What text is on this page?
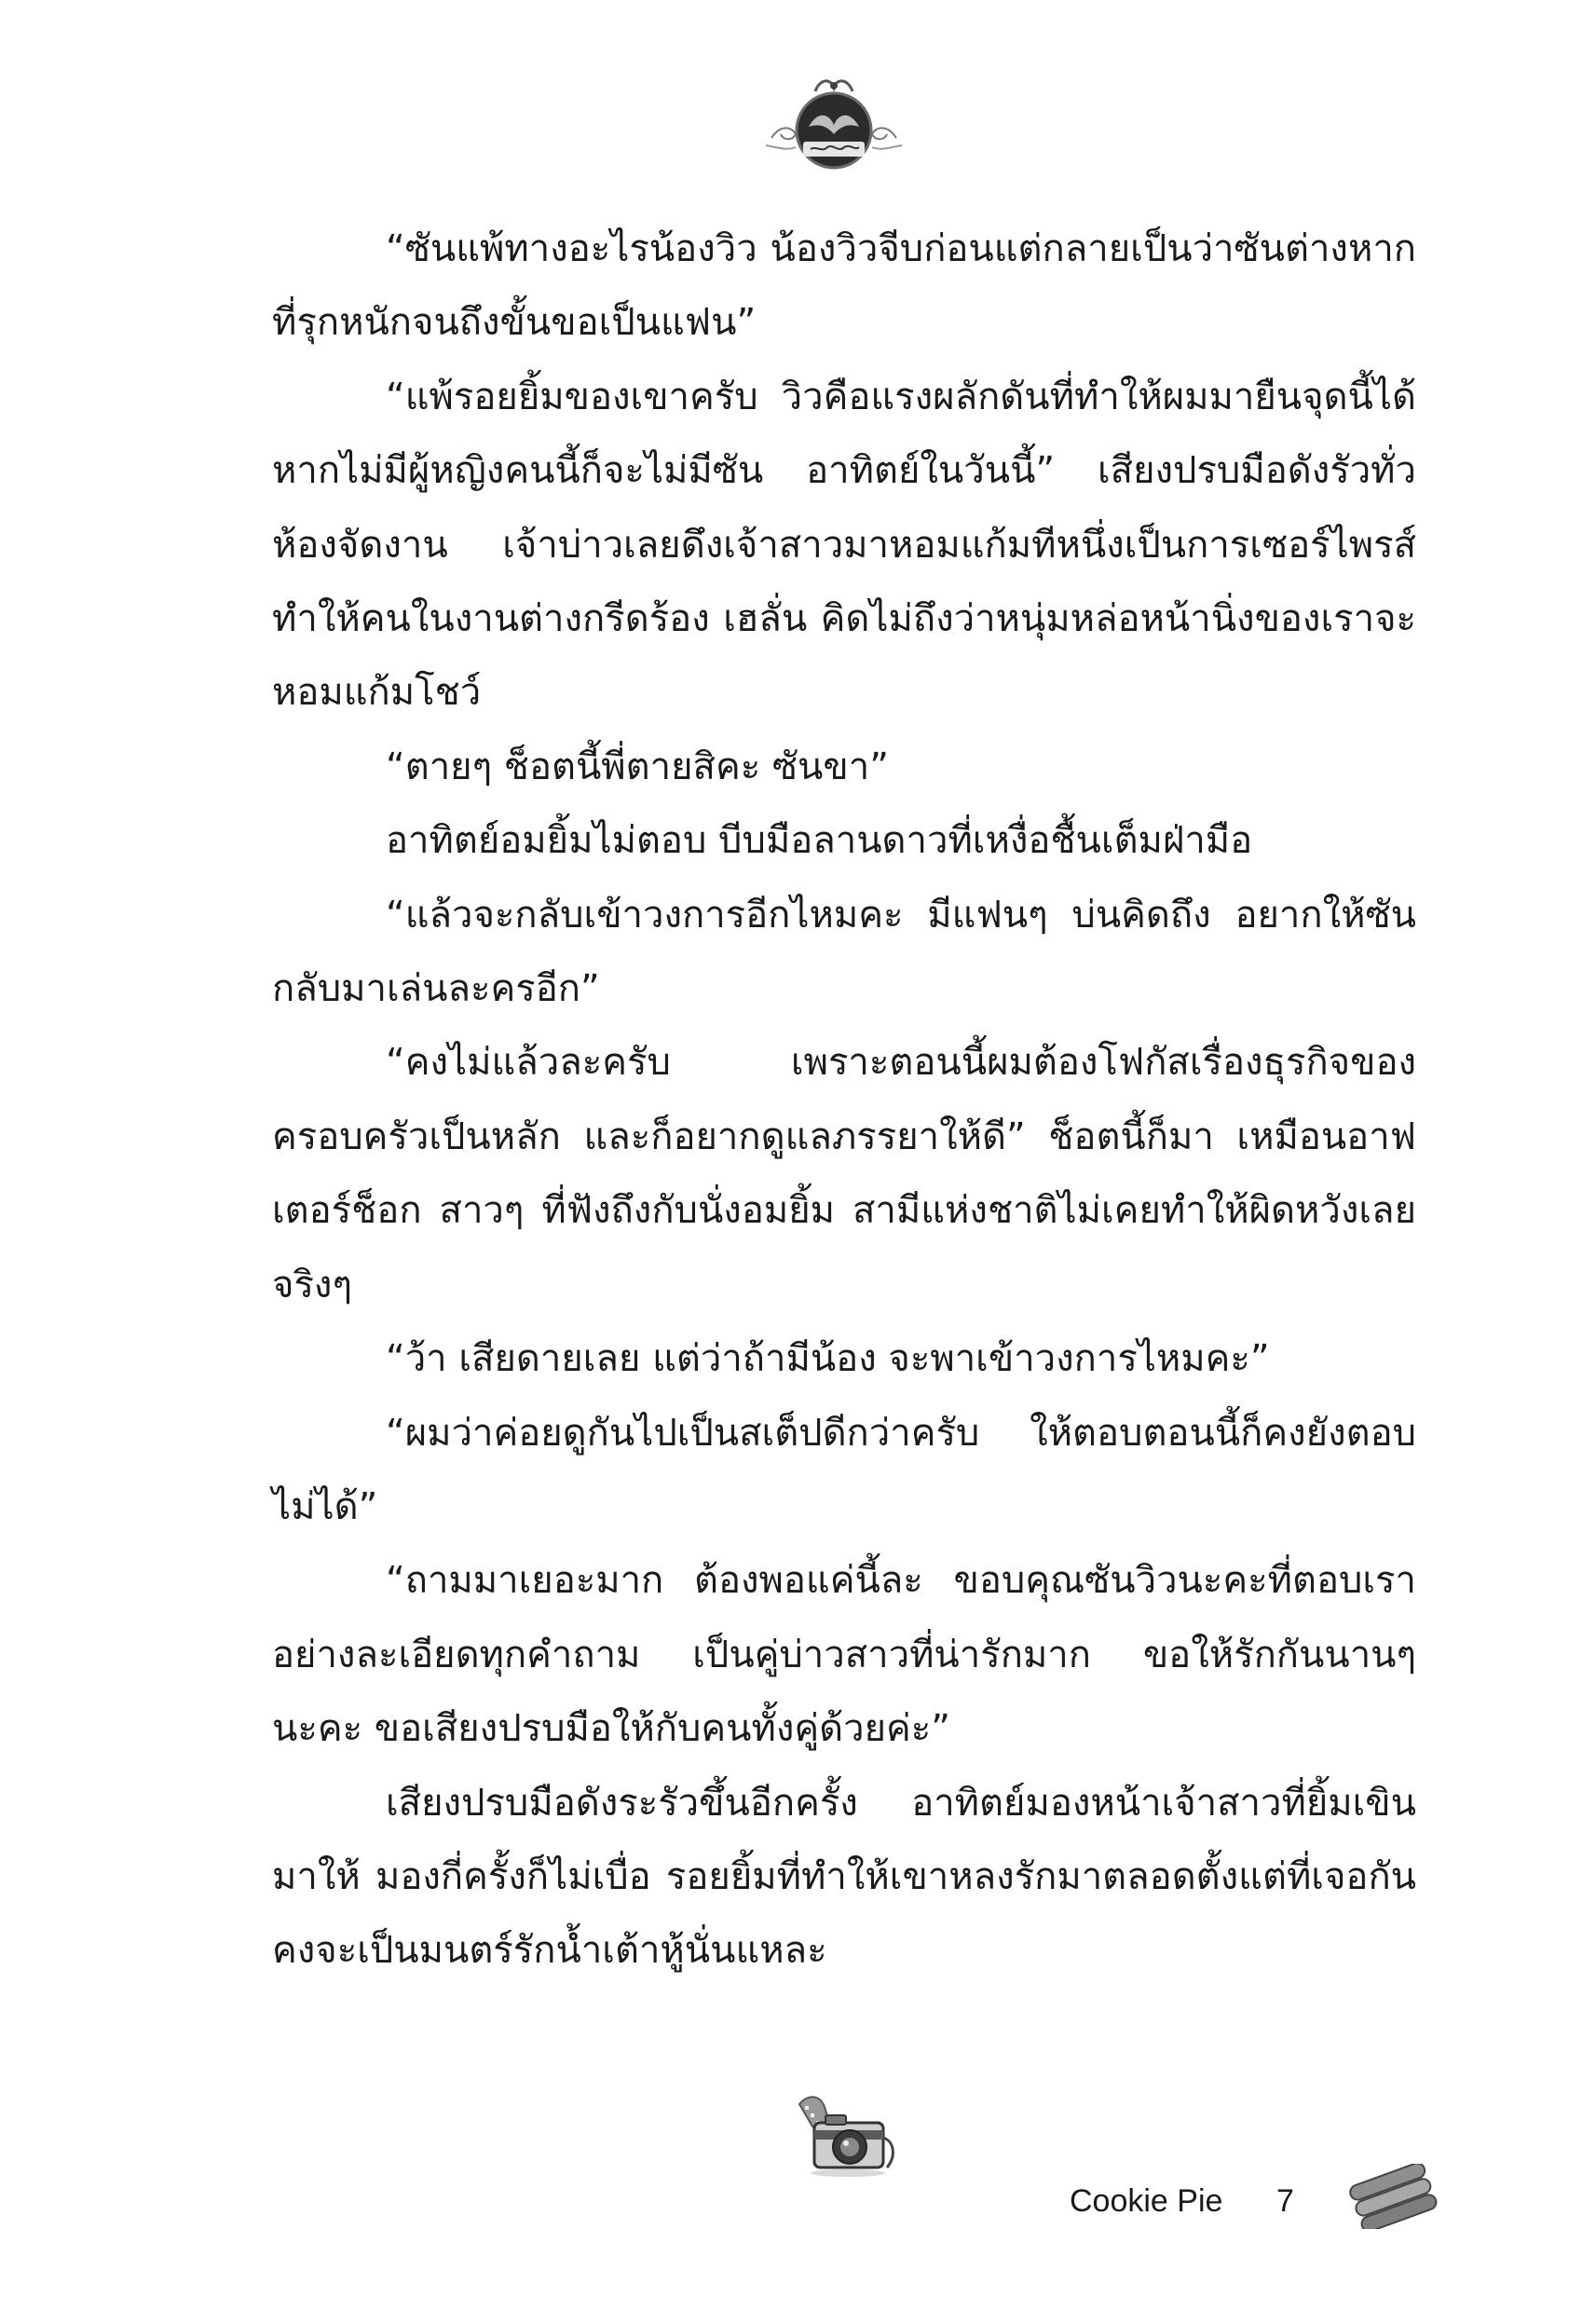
“ซันแพ้ทางอะไรน้องวิว น้องวิวจีบก่อนแต่กลายเป็นว่าซันต่างหากที่รุกหนักจนถึงขั้นขอเป็นแฟน”

“แพ้รอยยิ้มของเขาครับ วิวคือแรงผลักดันที่ทำให้ผมมายืนจุดนี้ได้ หากไม่มีผู้หญิงคนนี้ก็จะไม่มีซัน อาทิตย์ในวันนี้” เสียงปรบมือดังรัวทั่วห้องจัดงาน เจ้าบ่าวเลยดึงเจ้าสาวมาหอมแก้มทีหนึ่งเป็นการเซอร์ไพรส์ ทำให้คนในงานต่างกรีดร้อง เฮลั่น คิดไม่ถึงว่าหนุ่มหล่อหน้านิ่งของเราจะหอมแก้มโชว์

“ตายๆ ช็อตนี้พี่ตายสิคะ ซันขา”

อาทิตย์อมยิ้มไม่ตอบ บีบมือลานดาวที่เหงื่อชื้นเต็มฝ่ามือ

“แล้วจะกลับเข้าวงการอีกไหมคะ มีแฟนๆ บ่นคิดถึง อยากให้ซันกลับมาเล่นละครอีก”

“คงไม่แล้วละครับ เพราะตอนนี้ผมต้องโฟกัสเรื่องธุรกิจของครอบครัวเป็นหลัก และก็อยากดูแลภรรยาให้ดี” ช็อตนี้ก็มา เหมือนอาฟเตอร์ช็อก สาวๆ ที่ฟังถึงกับนั่งอมยิ้ม สามีแห่งชาติไม่เคยทำให้ผิดหวังเลยจริงๆ

“ว้า เสียดายเลย แต่ว่าถ้ามีน้อง จะพาเข้าวงการไหมคะ”

“ผมว่าค่อยดูกันไปเป็นสเต็ปดีกว่าครับ ให้ตอบตอนนี้ก็คงยังตอบไม่ได้”

“ถามมาเยอะมาก ต้องพอแค่นี้ละ ขอบคุณซันวิวนะคะที่ตอบเราอย่างละเอียดทุกคำถาม เป็นคู่บ่าวสาวที่น่ารักมาก ขอให้รักกันนานๆ นะคะ ขอเสียงปรบมือให้กับคนทั้งคู่ด้วยค่ะ”

เสียงปรบมือดังระรัวขึ้นอีกครั้ง อาทิตย์มองหน้าเจ้าสาวที่ยิ้มเขินมาให้ มองกี่ครั้งก็ไม่เบื่อ รอยยิ้มที่ทำให้เขาหลงรักมาตลอดตั้งแต่ที่เจอกัน คงจะเป็นมนตร์รักน้ำเต้าหู้นั่นแหละ

Cookie Pie 7
